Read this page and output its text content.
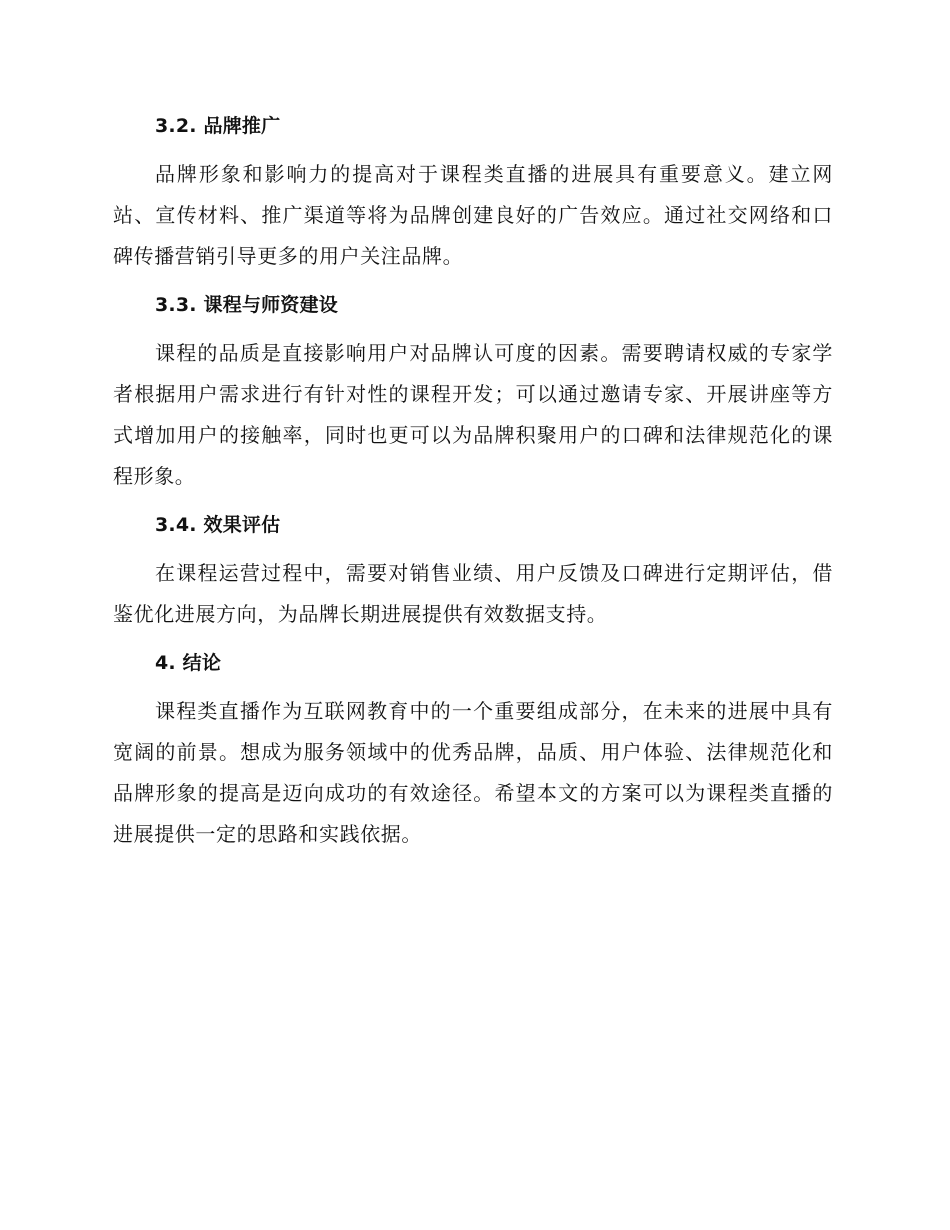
3.2. 品牌推广

品牌形象和影响力的提高对于课程类直播的进展具有重要意义。建立网站、宣传材料、推广渠道等将为品牌创建良好的广告效应。通过社交网络和口碑传播营销引导更多的用户关注品牌。

3.3. 课程与师资建设

课程的品质是直接影响用户对品牌认可度的因素。需要聘请权威的专家学者根据用户需求进行有针对性的课程开发；可以通过邀请专家、开展讲座等方式增加用户的接触率，同时也更可以为品牌积聚用户的口碑和法律规范化的课程形象。

3.4. 效果评估

在课程运营过程中，需要对销售业绩、用户反馈及口碑进行定期评估，借鉴优化进展方向，为品牌长期进展提供有效数据支持。

4. 结论

课程类直播作为互联网教育中的一个重要组成部分，在未来的进展中具有宽阔的前景。想成为服务领域中的优秀品牌，品质、用户体验、法律规范化和品牌形象的提高是迈向成功的有效途径。希望本文的方案可以为课程类直播的进展提供一定的思路和实践依据。
